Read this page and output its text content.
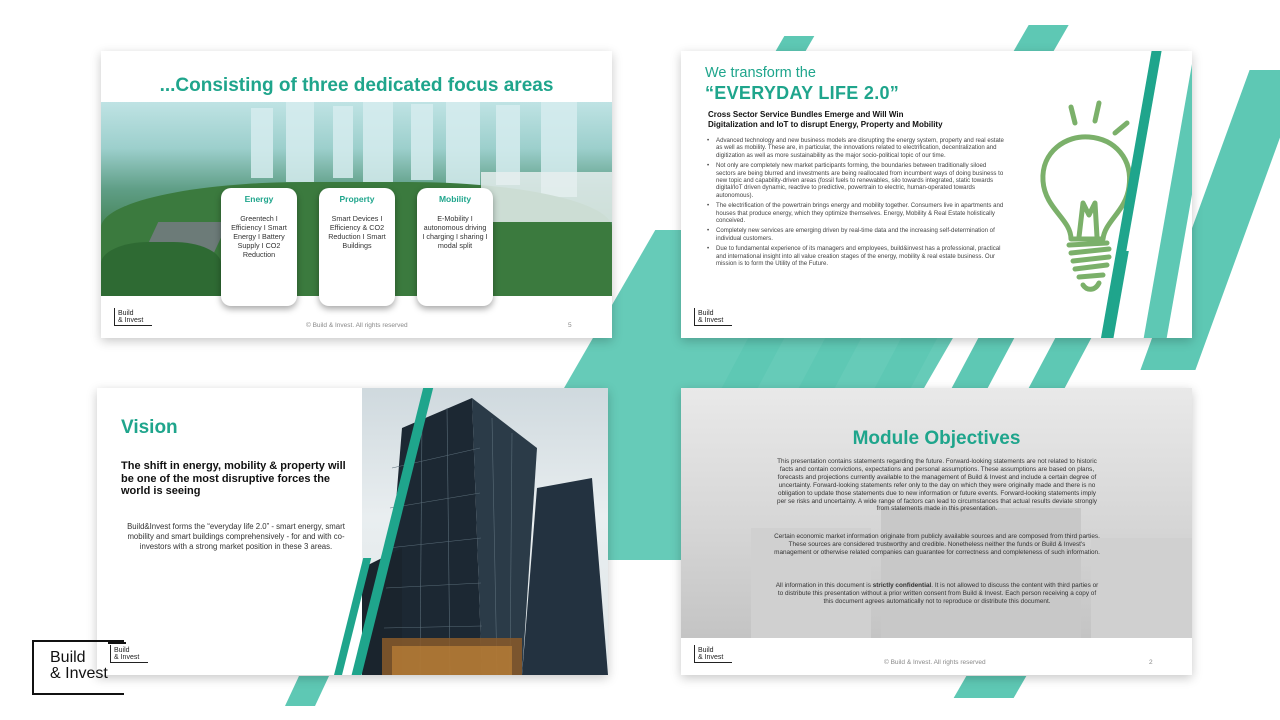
...Consisting of three dedicated focus areas
Energy
Greentech I Efficiency I Smart Energy I Battery Supply I CO2 Reduction
Property
Smart Devices I Efficiency & CO2 Reduction I Smart Buildings
Mobility
E-Mobility I autonomous driving I charging I sharing I modal split
Build
& Invest
© Build & Invest. All rights reserved	5
We transform the
“EVERYDAY LIFE 2.0”
Cross Sector Service Bundles Emerge and Will Win
Digitalization and IoT to disrupt Energy, Property and Mobility
• Advanced technology and new business models are disrupting the energy system, property and real estate as well as mobility. These are, in particular, the innovations related to electrification, decentralization and digitization as well as more sustainability as the major socio-political topic of our time.
• Not only are completely new market participants forming, the boundaries between traditionally siloed sectors are being blurred and investments are being reallocated from incumbent ways of doing business to new topic and capability-driven areas (fossil fuels to renewables, silo towards integrated, static towards digital/IoT driven dynamic, reactive to predictive, powertrain to electric, human-operated towards autonomous).
• The electrification of the powertrain brings energy and mobility together. Consumers live in apartments and houses that produce energy, which they optimize themselves. Energy, Mobility & Real Estate holistically conceived.
• Completely new services are emerging driven by real-time data and the increasing self-determination of individual customers.
• Due to fundamental experience of its managers and employees, build&invest has a professional, practical and international insight into all value creation stages of the energy, mobility & real estate business. Our mission is to form the Utility of the Future.
Build
& Invest
Vision
The shift in energy, mobility & property will be one of the most disruptive forces the world is seeing
Build&Invest forms the “everyday life 2.0” - smart energy, smart mobility and smart buildings comprehensively - for and with co-investors with a strong market position in these 3 areas.
Build
& Invest
Module Objectives
This presentation contains statements regarding the future. Forward-looking statements are not related to historic facts and contain convictions, expectations and personal assumptions. These assumptions are based on plans, forecasts and projections currently available to the management of Build & Invest and include a certain degree of uncertainty. Forward-looking statements refer only to the day on which they were originally made and there is no obligation to update those statements due to new information or future events. Forward-looking statements imply per se risks and uncertainty. A wide range of factors can lead to circumstances that actual results deviate strongly from statements made in this presentation.
Certain economic market information originate from publicly available sources and are composed from third parties. These sources are considered trustworthy and credible. Nonetheless neither the funds or Build & Invest's management or otherwise related companies can guarantee for correctness and completeness of such information.
All information in this document is strictly confidential. It is not allowed to discuss the content with third parties or to distribute this presentation without a prior written consent from Build & Invest. Each person receiving a copy of this document agrees automatically not to reproduce or distribute this document.
Build
& Invest
© Build & Invest. All rights reserved	2
Build
& Invest
